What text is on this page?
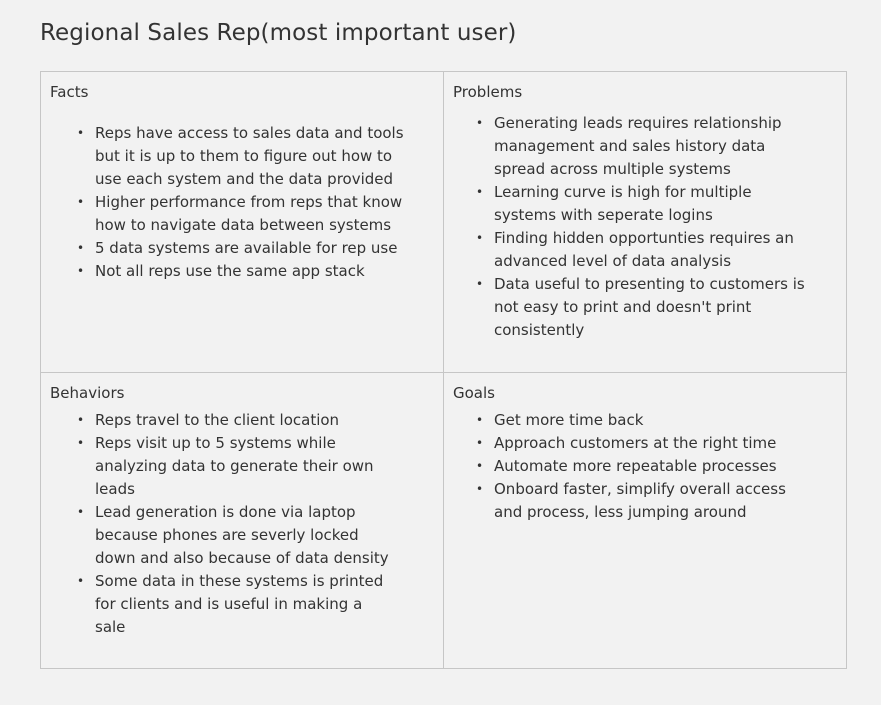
Regional Sales Rep(most important user)
Facts
• Reps have access to sales data and tools but it is up to them to figure out how to use each system and the data provided
• Higher performance from reps that know how to navigate data between systems
• 5 data systems are available for rep use
• Not all reps use the same app stack
Problems
• Generating leads requires relationship management and sales history data spread across multiple systems
• Learning curve is high for multiple systems with seperate logins
• Finding hidden opportunties requires an advanced level of data analysis
• Data useful to presenting to customers is not easy to print and doesn't print consistently
Behaviors
• Reps travel to the client location
• Reps visit up to 5 systems while analyzing data to generate their own leads
• Lead generation is done via laptop because phones are severly locked down and also because of data density
• Some data in these systems is printed for clients and is useful in making a sale
Goals
• Get more time back
• Approach customers at the right time
• Automate more repeatable processes
• Onboard faster, simplify overall access and process, less jumping around
